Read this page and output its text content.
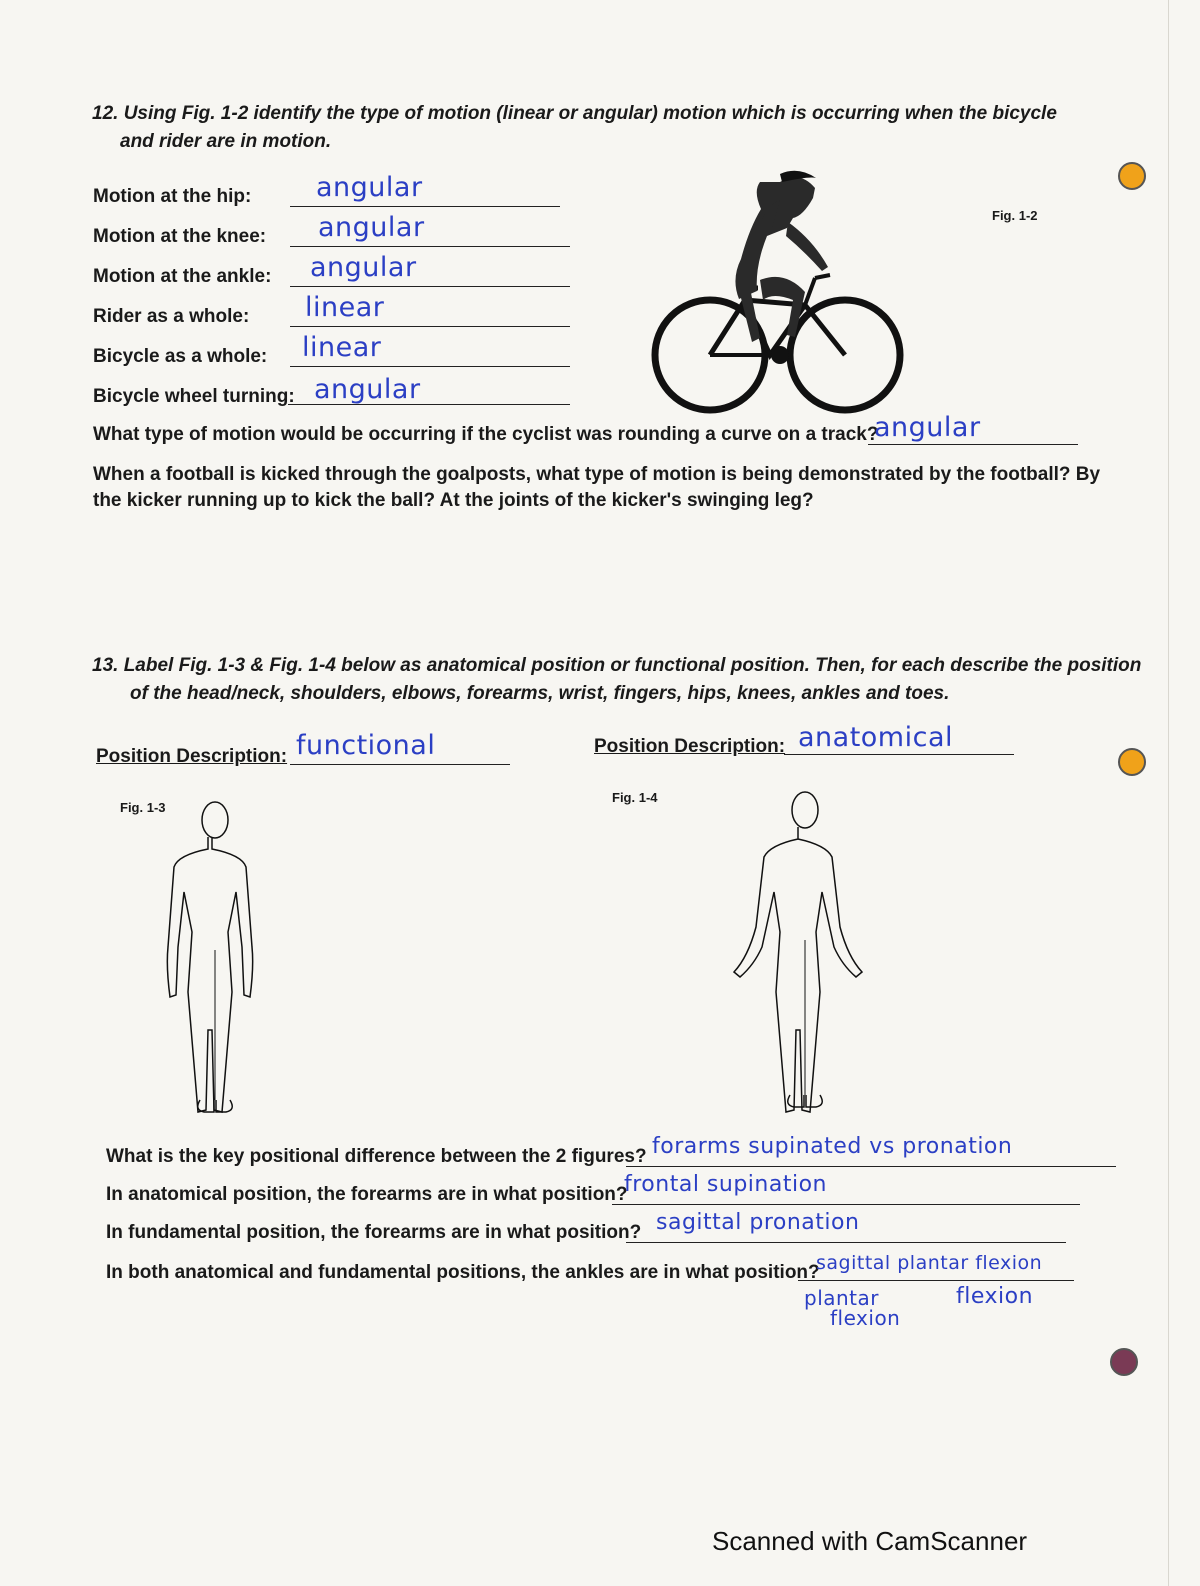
12. Using Fig. 1-2 identify the type of motion (linear or angular) motion which is occurring when the bicycle
and rider are in motion.
Motion at the hip: angular
Motion at the knee: angular
Motion at the ankle: angular
Rider as a whole: linear
Bicycle as a whole: linear
Bicycle wheel turning: angular
Fig. 1-2
What type of motion would be occurring if the cyclist was rounding a curve on a track?
angular
When a football is kicked through the goalposts, what type of motion is being demonstrated by the football? By
the kicker running up to kick the ball? At the joints of the kicker's swinging leg?
13. Label Fig. 1-3 & Fig. 1-4 below as anatomical position or functional position. Then, for each describe the position
of the head/neck, shoulders, elbows, forearms, wrist, fingers, hips, knees, ankles and toes.
Position Description: functional	Position Description: anatomical
Fig. 1-3
Fig. 1-4
What is the key positional difference between the 2 figures? forarms supinated vs pronation
In anatomical position, the forearms are in what position?
frontal supination
In fundamental position, the forearms are in what position? sagittal pronation
In both anatomical and fundamental positions, the ankles are in what position?
sagittal plantar flexion
plantar
flexion
flexion
Scanned with CamScanner
